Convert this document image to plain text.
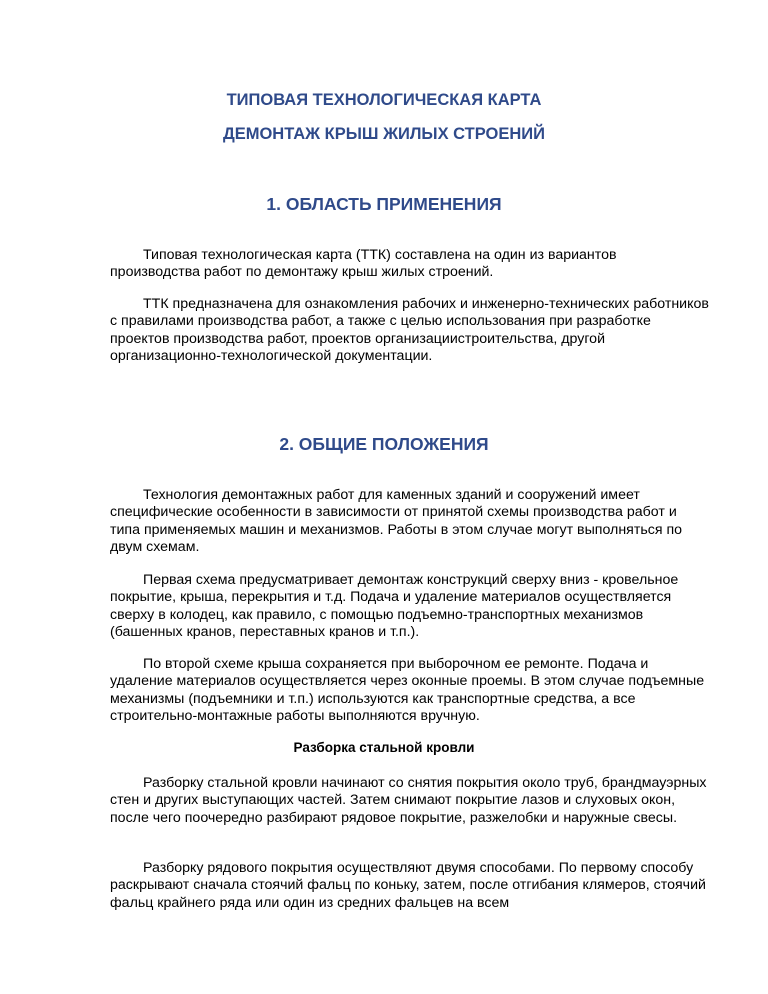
ТИПОВАЯ ТЕХНОЛОГИЧЕСКАЯ КАРТА
ДЕМОНТАЖ КРЫШ ЖИЛЫХ СТРОЕНИЙ
1. ОБЛАСТЬ ПРИМЕНЕНИЯ

Типовая технологическая карта (ТТК) составлена на один из вариантов производства работ по демонтажу крыш жилых строений.

ТТК предназначена для ознакомления рабочих и инженерно-технических работников с правилами производства работ, а также с целью использования при разработке проектов производства работ, проектов организациистроительства, другой организационно-технологической документации.

2. ОБЩИЕ ПОЛОЖЕНИЯ

Технология демонтажных работ для каменных зданий и сооружений имеет специфические особенности в зависимости от принятой схемы производства работ и типа применяемых машин и механизмов. Работы в этом случае могут выполняться по двум схемам.

Первая схема предусматривает демонтаж конструкций сверху вниз - кровельное покрытие, крыша, перекрытия и т.д. Подача и удаление материалов осуществляется сверху в колодец, как правило, с помощью подъемно-транспортных механизмов (башенных кранов, переставных кранов и т.п.).

По второй схеме крыша сохраняется при выборочном ее ремонте. Подача и удаление материалов осуществляется через оконные проемы. В этом случае подъемные механизмы (подъемники и т.п.) используются как транспортные средства, а все строительно-монтажные работы выполняются вручную.

Разборка стальной кровли

Разборку стальной кровли начинают со снятия покрытия около труб, брандмауэрных стен и других выступающих частей. Затем снимают покрытие лазов и слуховых окон, после чего поочередно разбирают рядовое покрытие, разжелобки и наружные свесы.

Разборку рядового покрытия осуществляют двумя способами. По первому способу раскрывают сначала стоячий фальц по коньку, затем, после отгибания клямеров, стоячий фальц крайнего ряда или один из средних фальцев на всем
